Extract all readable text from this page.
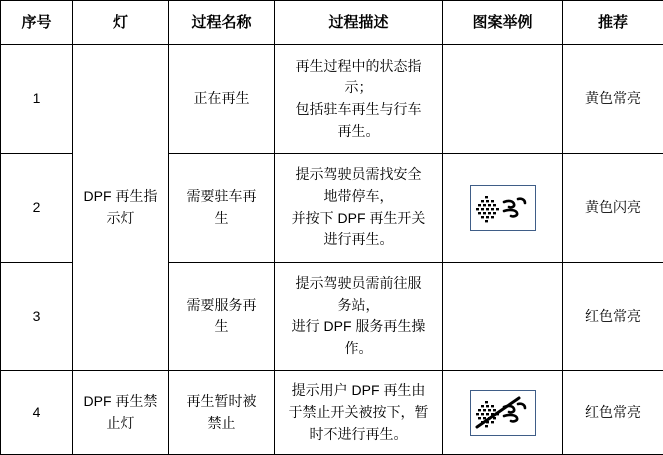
序号	灯	过程名称	过程描述	图案举例	推荐
1	DPF 再生指
示灯	正在再生	再生过程中的状态指
示；
包括驻车再生与行车
再生。		黄色常亮
2		需要驻车再
生	提示驾驶员需找安全
地带停车，
并按下 DPF 再生开关
进行再生。		黄色闪亮
3		需要服务再
生	提示驾驶员需前往服
务站，
进行 DPF 服务再生操
作。		红色常亮
4	DPF 再生禁
止灯	再生暂时被
禁止	提示用户 DPF 再生由
于禁止开关被按下，暂
时不进行再生。		红色常亮
